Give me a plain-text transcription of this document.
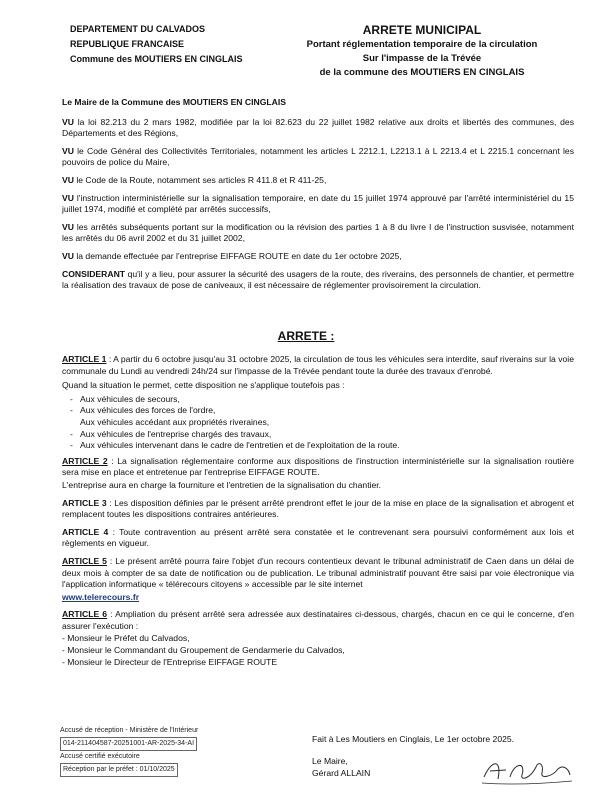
DEPARTEMENT DU CALVADOS
REPUBLIQUE FRANCAISE
Commune des MOUTIERS EN CINGLAIS
ARRETE MUNICIPAL
Portant réglementation temporaire de la circulation
Sur l'impasse de la Trévée
de la commune des MOUTIERS EN CINGLAIS

Le Maire de la Commune des MOUTIERS EN CINGLAIS

VU la loi 82.213 du 2 mars 1982, modifiée par la loi 82.623 du 22 juillet 1982 relative aux droits et libertés des communes, des Départements et des Régions,

VU le Code Général des Collectivités Territoriales, notamment les articles L 2212.1, L2213.1 à L 2213.4 et L 2215.1 concernant les pouvoirs de police du Maire,

VU le Code de la Route, notamment ses articles R 411.8 et R 411-25,

VU l'instruction interministérielle sur la signalisation temporaire, en date du 15 juillet 1974 approuvé par l'arrêté interministériel du 15 juillet 1974, modifié et complété par arrêtés successifs,

VU les arrêtés subséquents portant sur la modification ou la révision des parties 1 à 8 du livre I de l'instruction susvisée, notamment les arrêtés du 06 avril 2002 et du 31 juillet 2002,

VU la demande effectuée par l'entreprise EIFFAGE ROUTE en date du 1er octobre 2025,

CONSIDERANT qu'il y a lieu, pour assurer la sécurité des usagers de la route, des riverains, des personnels de chantier, et permettre la réalisation des travaux de pose de caniveaux, il est nécessaire de réglementer provisoirement la circulation.

ARRETE :

ARTICLE 1 : A partir du 6 octobre jusqu'au 31 octobre 2025, la circulation de tous les véhicules sera interdite, sauf riverains sur la voie communale du Lundi au vendredi 24h/24 sur l'impasse de la Trévée pendant toute la durée des travaux d'enrobé.

Quand la situation le permet, cette disposition ne s'applique toutefois pas :

- Aux véhicules de secours,
- Aux véhicules des forces de l'ordre,
Aux véhicules accédant aux propriétés riveraines,
- Aux véhicules de l'entreprise chargés des travaux,
- Aux véhicules intervenant dans le cadre de l'entretien et de l'exploitation de la route.

ARTICLE 2 : La signalisation réglementaire conforme aux dispositions de l'instruction interministérielle sur la signalisation routière sera mise en place et entretenue par l'entreprise EIFFAGE ROUTE.

L'entreprise aura en charge la fourniture et l'entretien de la signalisation du chantier.

ARTICLE 3 : Les disposition définies par le présent arrêté prendront effet le jour de la mise en place de la signalisation et abrogent et remplacent toutes les dispositions contraires antérieures.

ARTICLE 4 : Toute contravention au présent arrêté sera constatée et le contrevenant sera poursuivi conformément aux lois et règlements en vigueur.

ARTICLE 5 : Le présent arrêté pourra faire l'objet d'un recours contentieux devant le tribunal administratif de Caen dans un délai de deux mois à compter de sa date de notification ou de publication. Le tribunal administratif pouvant être saisi par voie électronique via l'application informatique « télérecours citoyens » accessible par le site internet

www.telerecours.fr

ARTICLE 6 : Ampliation du présent arrêté sera adressée aux destinataires ci-dessous, chargés, chacun en ce qui le concerne, d'en assurer l'exécution :

- Monsieur le Préfet du Calvados,
- Monsieur le Commandant du Groupement de Gendarmerie du Calvados,
- Monsieur le Directeur de l'Entreprise EIFFAGE ROUTE
Accusé de réception - Ministère de l'Intérieur
014-211404587-20251001-AR-2025-34-AI
Accusé certifié exécutoire
Réception par le préfet : 01/10/2025
Fait à Les Moutiers en Cinglais, Le 1er octobre 2025.
Le Maire,
Gérard ALLAIN
